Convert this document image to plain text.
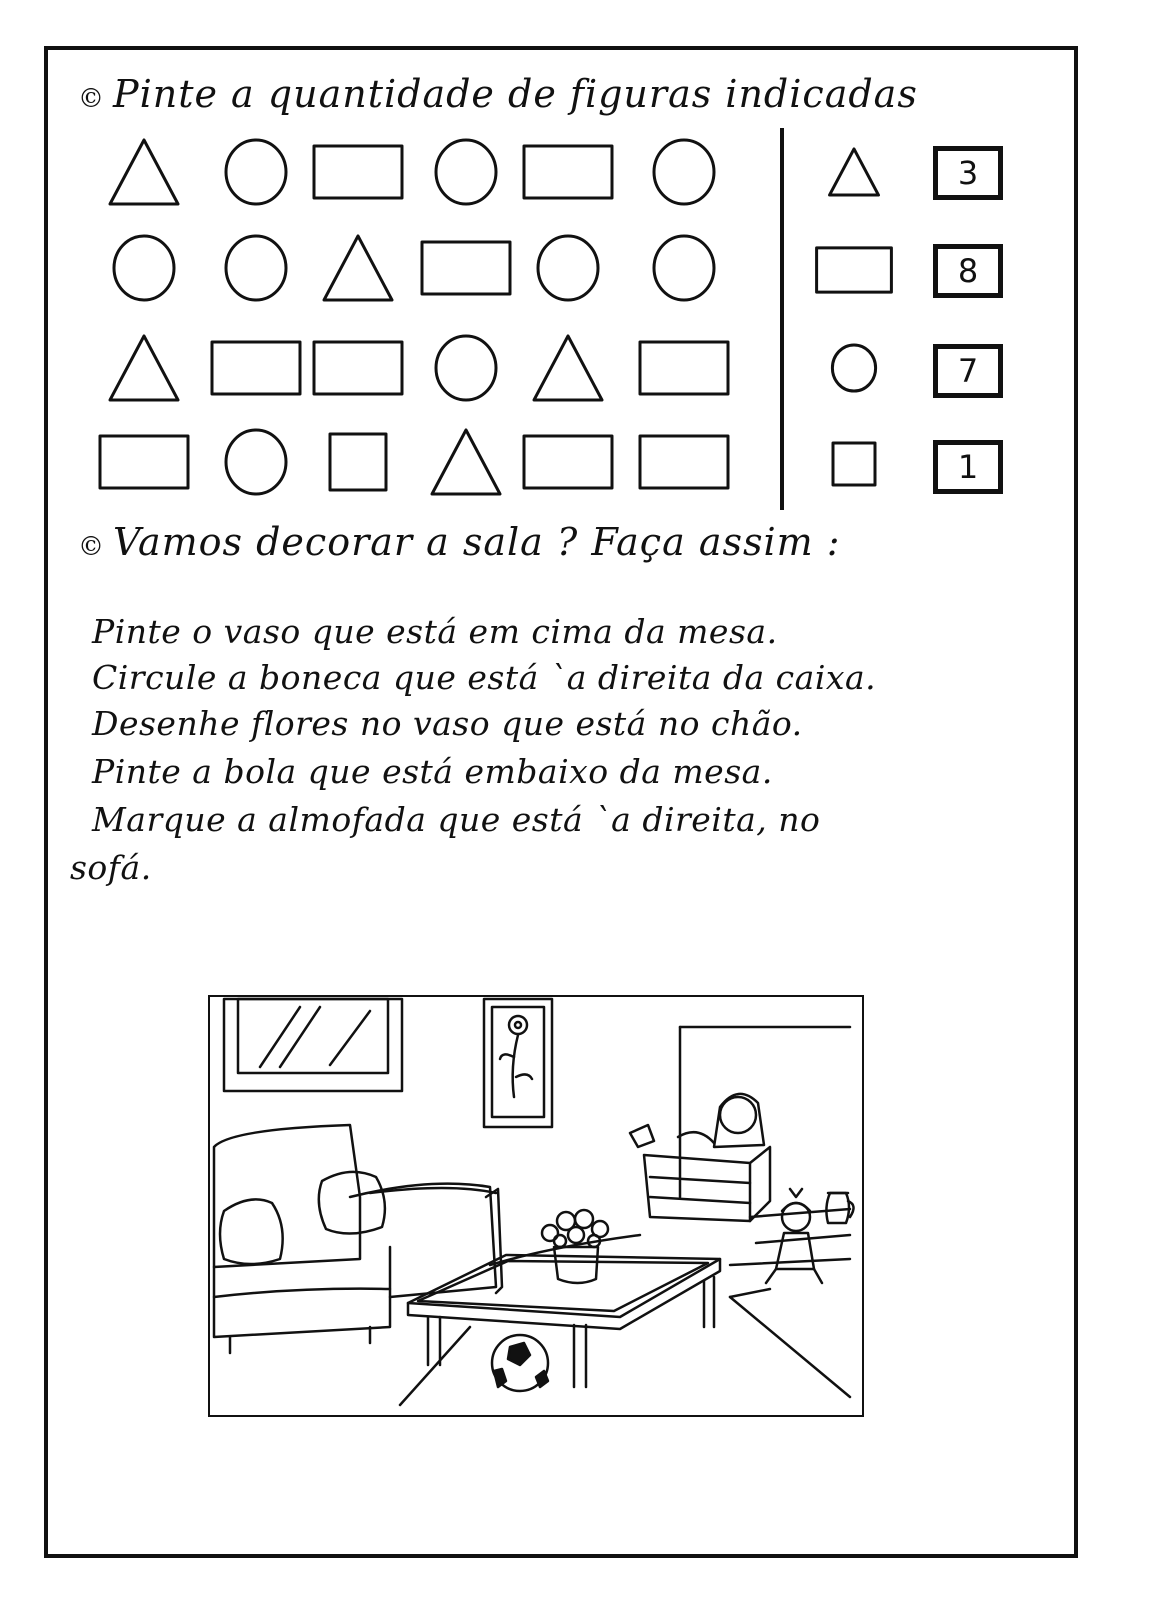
© Pinte a quantidade de figuras indicadas
3
8
7
1
© Vamos decorar a sala ? Faça assim :
Pinte o vaso que está em cima da mesa.
Circule a boneca que está `a direita da caixa.
Desenhe flores no vaso que está no chão.
Pinte a bola que está embaixo da mesa.
Marque a almofada que está `a direita, no
sofá.
